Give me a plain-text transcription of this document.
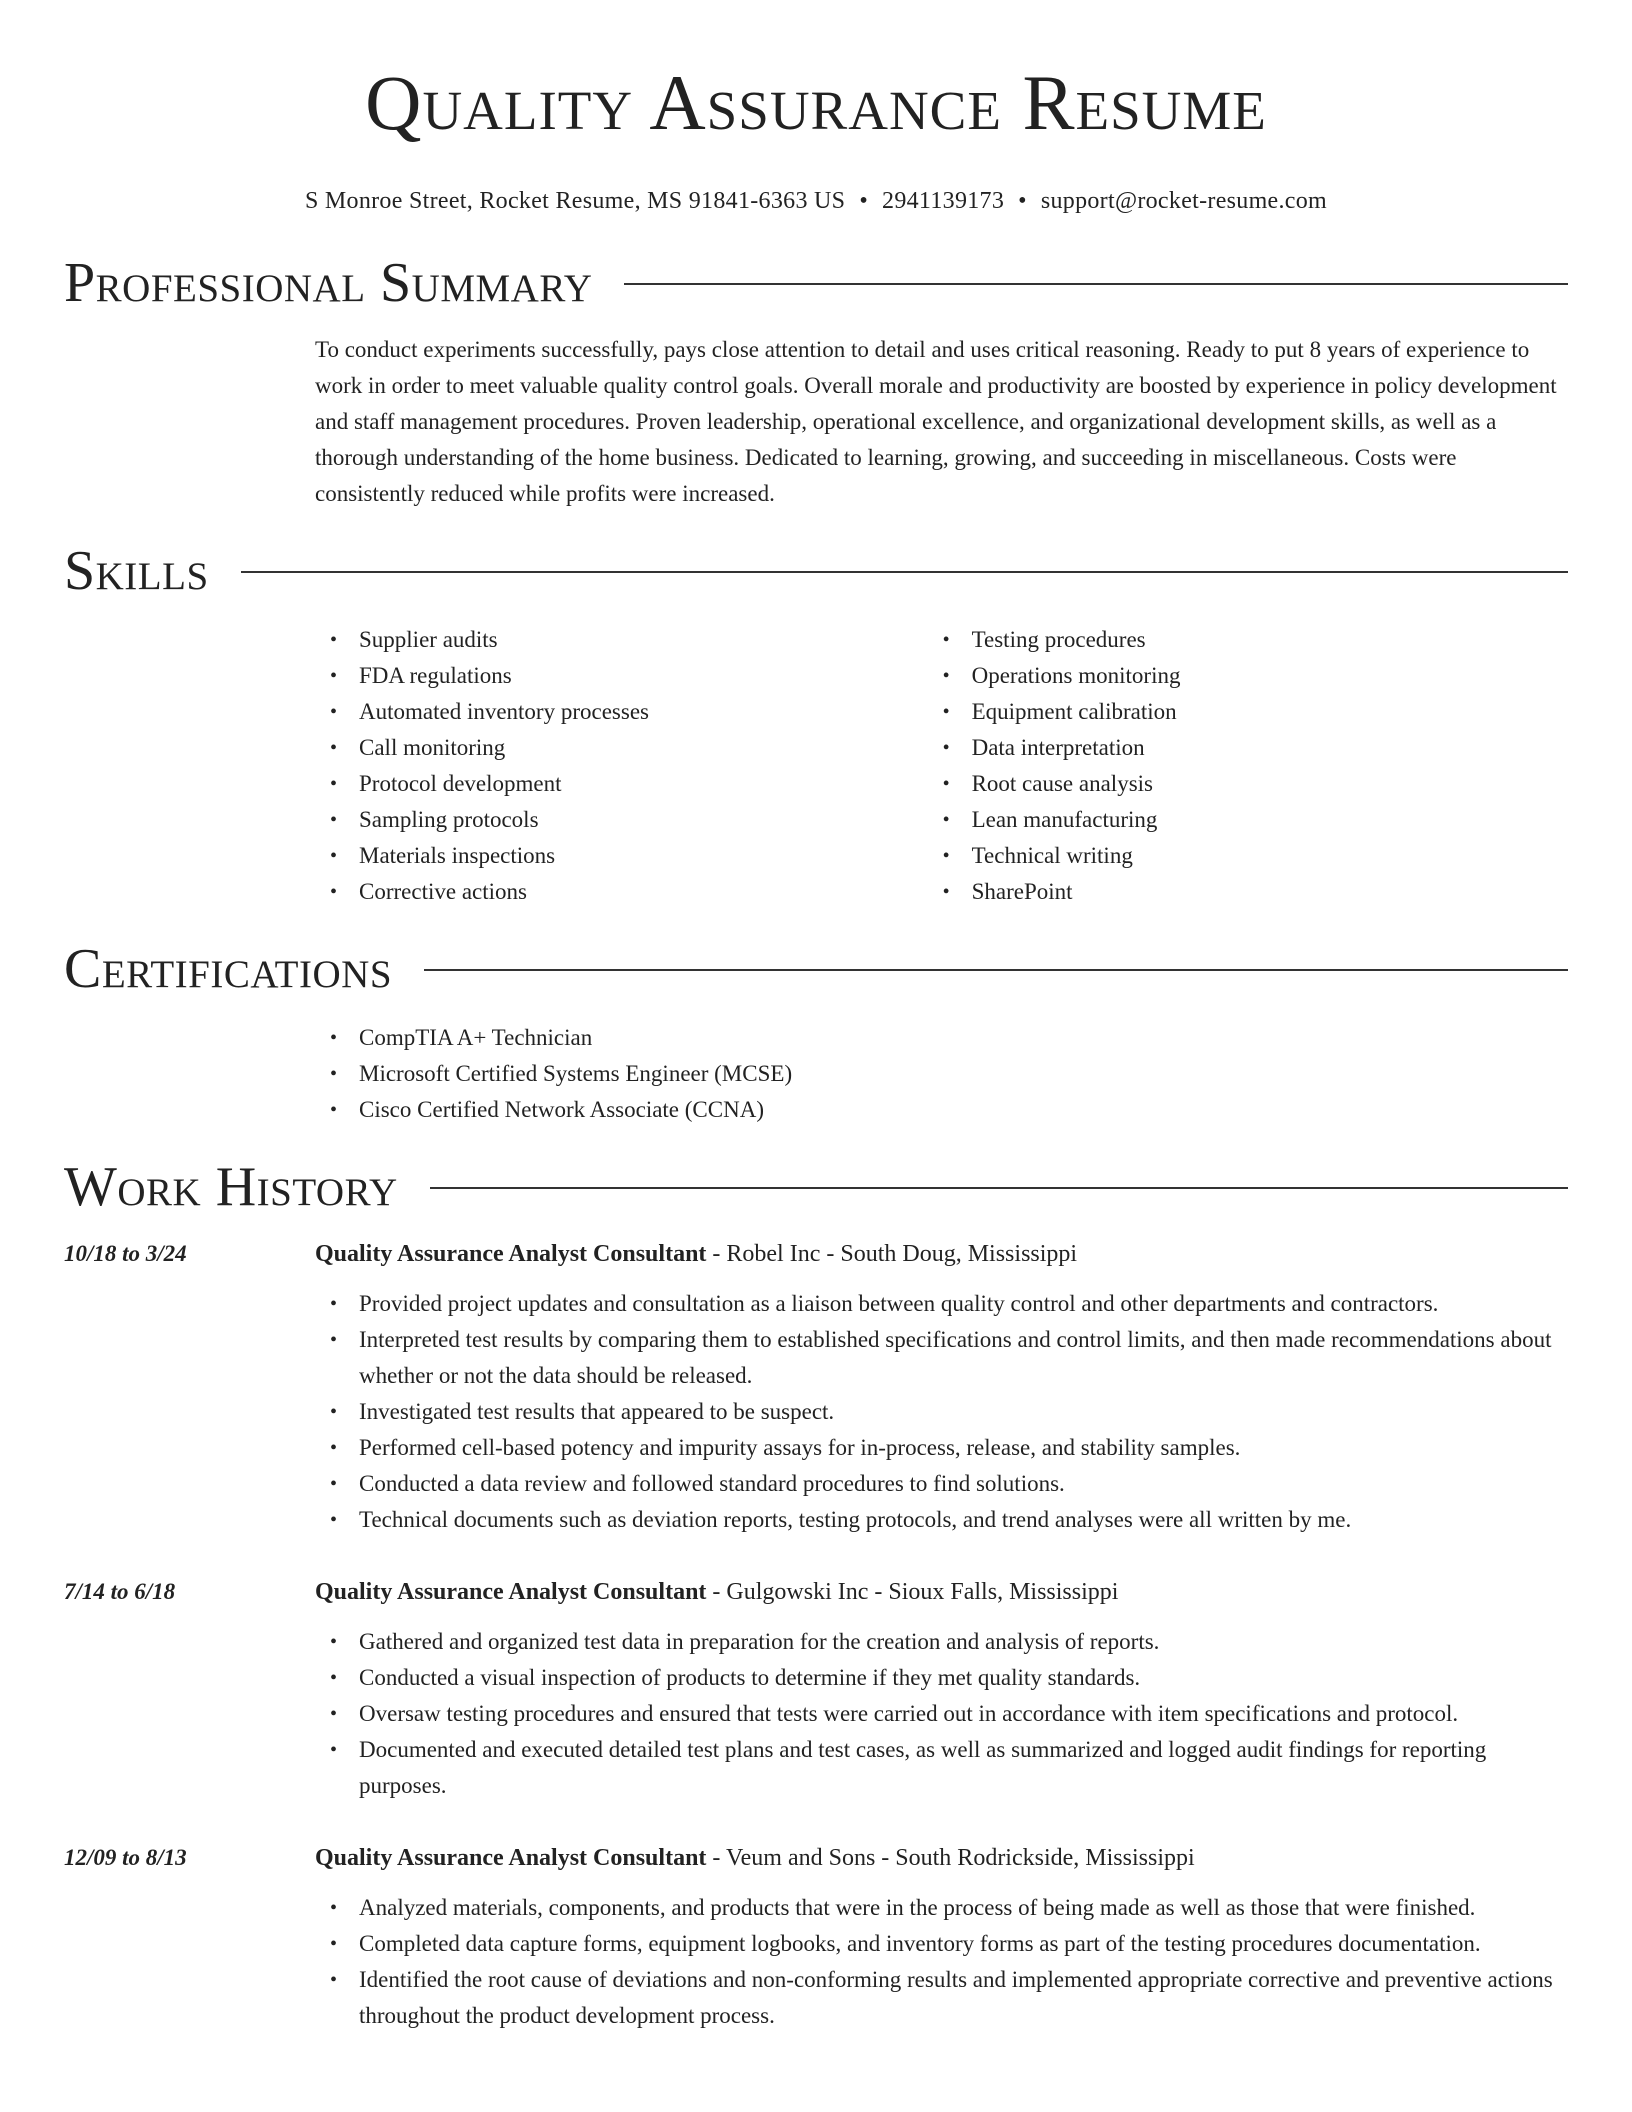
Quality Assurance Resume
S Monroe Street, Rocket Resume, MS 91841-6363 US • 2941139173 • support@rocket-resume.com
Professional Summary

To conduct experiments successfully, pays close attention to detail and uses critical reasoning. Ready to put 8 years of experience to work in order to meet valuable quality control goals. Overall morale and productivity are boosted by experience in policy development and staff management procedures. Proven leadership, operational excellence, and organizational development skills, as well as a thorough understanding of the home business. Dedicated to learning, growing, and succeeding in miscellaneous. Costs were consistently reduced while profits were increased.

Skills
• Supplier audits
• FDA regulations
• Automated inventory processes
• Call monitoring
• Protocol development
• Sampling protocols
• Materials inspections
• Corrective actions
• Testing procedures
• Operations monitoring
• Equipment calibration
• Data interpretation
• Root cause analysis
• Lean manufacturing
• Technical writing
• SharePoint
Certifications
• CompTIA A+ Technician
• Microsoft Certified Systems Engineer (MCSE)
• Cisco Certified Network Associate (CCNA)
Work History
10/18 to 3/24	Quality Assurance Analyst Consultant - Robel Inc - South Doug, Mississippi
• Provided project updates and consultation as a liaison between quality control and other departments and contractors.
• Interpreted test results by comparing them to established specifications and control limits, and then made recommendations about whether or not the data should be released.
• Investigated test results that appeared to be suspect.
• Performed cell-based potency and impurity assays for in-process, release, and stability samples.
• Conducted a data review and followed standard procedures to find solutions.
• Technical documents such as deviation reports, testing protocols, and trend analyses were all written by me.
7/14 to 6/18	Quality Assurance Analyst Consultant - Gulgowski Inc - Sioux Falls, Mississippi
• Gathered and organized test data in preparation for the creation and analysis of reports.
• Conducted a visual inspection of products to determine if they met quality standards.
• Oversaw testing procedures and ensured that tests were carried out in accordance with item specifications and protocol.
• Documented and executed detailed test plans and test cases, as well as summarized and logged audit findings for reporting purposes.
12/09 to 8/13	Quality Assurance Analyst Consultant - Veum and Sons - South Rodrickside, Mississippi
• Analyzed materials, components, and products that were in the process of being made as well as those that were finished.
• Completed data capture forms, equipment logbooks, and inventory forms as part of the testing procedures documentation.
• Identified the root cause of deviations and non-conforming results and implemented appropriate corrective and preventive actions throughout the product development process.
